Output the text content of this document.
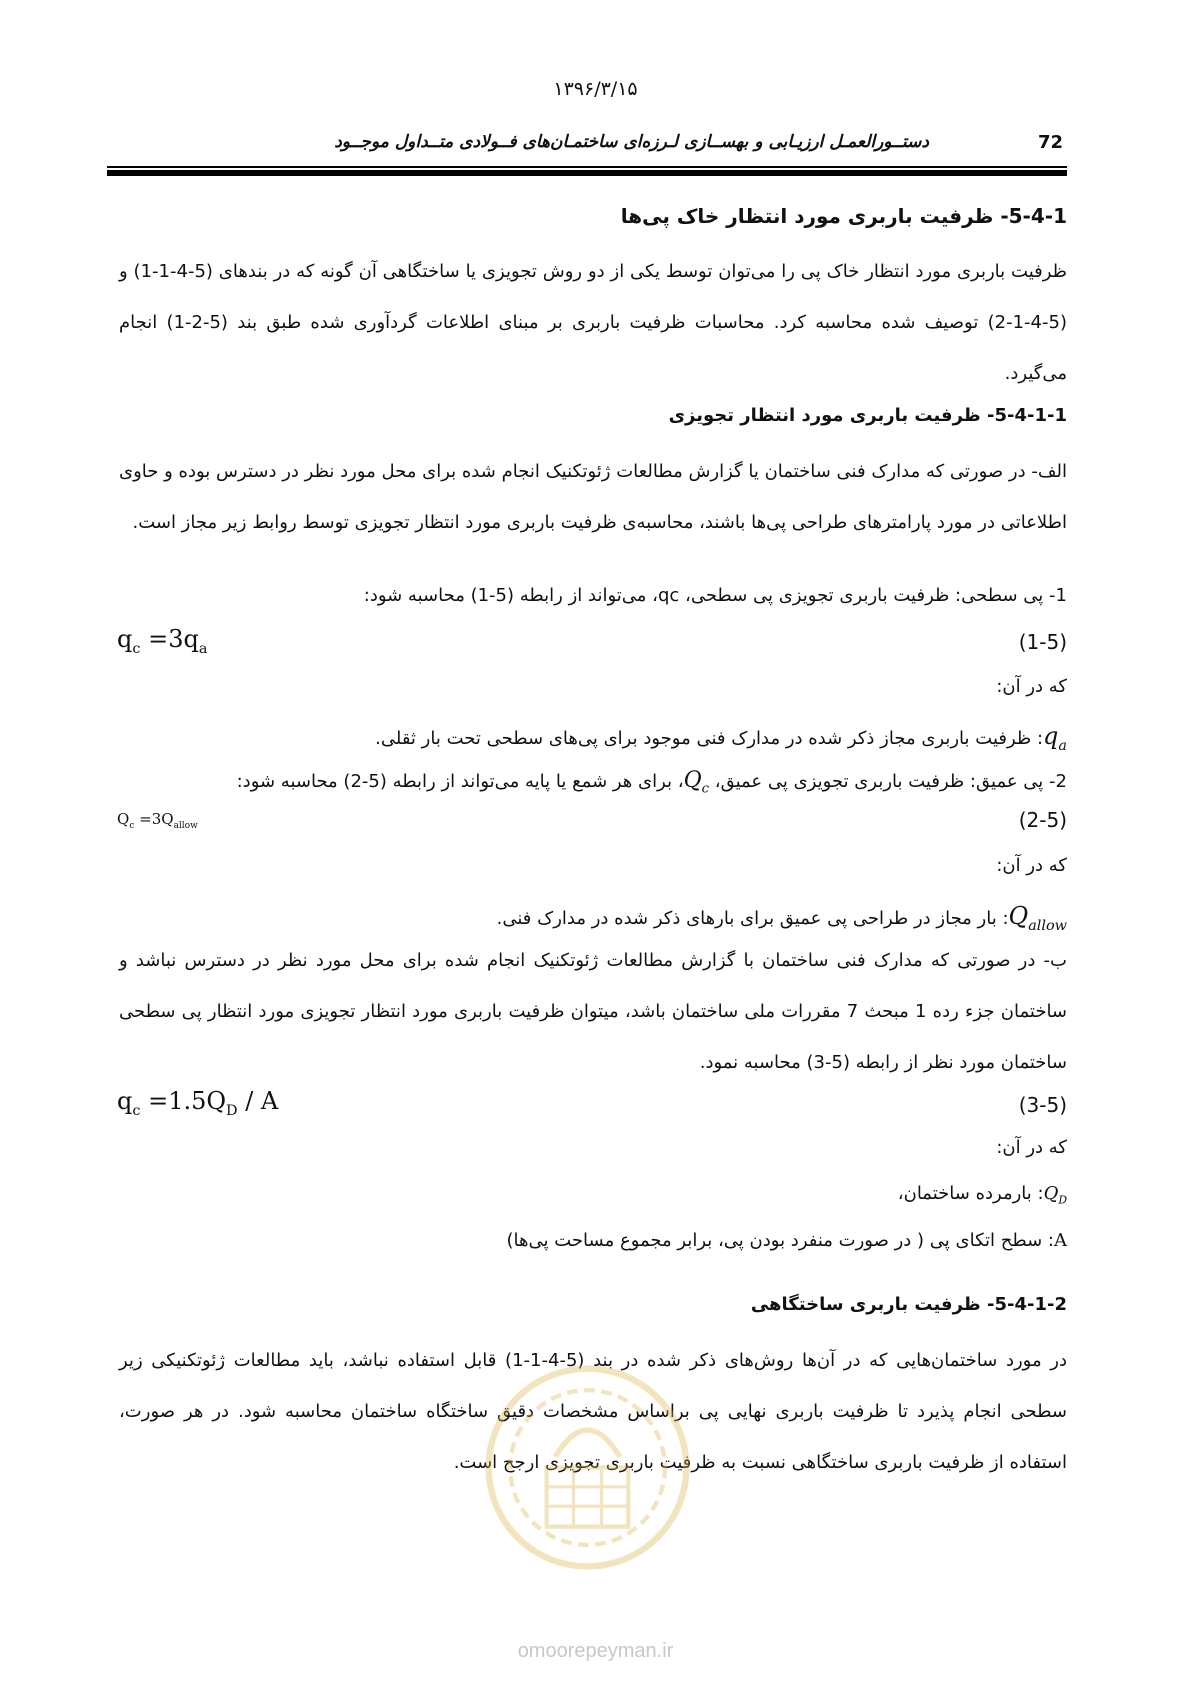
۱۳۹۶/۳/۱۵
دستــورالعمـل ارزیـابی و بهســازی لـرزه‌ای ساختمـان‌های فــولادی متــداول موجــود	72
5-4-1- ظرفیت باربری مورد انتظار خاک پی‌ها
ظرفیت باربری مورد انتظار خاک پی را می‌توان توسط یکی از دو روش تجویزی یا ساختگاهی آن گونه که در بندهای (5-4-1-1) و (5-4-1-2) توصیف شده محاسبه کرد. محاسبات ظرفیت باربری بر مبنای اطلاعات گردآوری شده طبق بند (5-2-1) انجام می‌گیرد.
5-4-1-1- ظرفیت باربری مورد انتظار تجویزی
الف- در صورتی که مدارک فنی ساختمان یا گزارش مطالعات ژئوتکنیک انجام شده برای محل مورد نظر در دسترس بوده و حاوی اطلاعاتی در مورد پارامترهای طراحی پی‌ها باشند، محاسبه‌ی ظرفیت باربری مورد انتظار تجویزی توسط روابط زیر مجاز است.
1- پی سطحی: ظرفیت باربری تجویزی پی سطحی، qc، می‌تواند از رابطه (5-1) محاسبه شود:
(1-5)
$q_c =3q_a$
که در آن:
$q_a$: ظرفیت باربری مجاز ذکر شده در مدارک فنی موجود برای پی‌های سطحی تحت بار ثقلی.
2- پی عمیق: ظرفیت باربری تجویزی پی عمیق، $Q_c،$ برای هر شمع یا پایه می‌تواند از رابطه (5-2) محاسبه شود:
(2-5)
$Q_c =3Q_{allow}$
که در آن:
$Q_{allow}$: بار مجاز در طراحی پی عمیق برای بارهای ذکر شده در مدارک فنی.
ب- در صورتی که مدارک فنی ساختمان با گزارش مطالعات ژئوتکنیک انجام شده برای محل مورد نظر در دسترس نباشد و ساختمان جزء رده 1 مبحث 7 مقررات ملی ساختمان باشد، میتوان ظرفیت باربری مورد انتظار تجویزی مورد انتظار پی سطحی ساختمان مورد نظر از رابطه (5-3) محاسبه نمود.
(3-5)
$q_c =1.5Q_D / A$
که در آن:
$Q_D$: بارمرده ساختمان،
A: سطح اتکای پی ( در صورت منفرد بودن پی، برابر مجموع مساحت پی‌ها)
5-4-1-2- ظرفیت باربری ساختگاهی
در مورد ساختمان‌هایی که در آن‌ها روش‌های ذکر شده در بند (5-4-1-1) قابل استفاده نباشد، باید مطالعات ژئوتکنیکی زیر سطحی انجام پذیرد تا ظرفیت باربری نهایی پی براساس مشخصات دقیق ساختگاه ساختمان محاسبه شود. در هر صورت، استفاده از ظرفیت باربری ساختگاهی نسبت به ظرفیت باربری تجویزی ارجح است.
omoorepeyman.ir
